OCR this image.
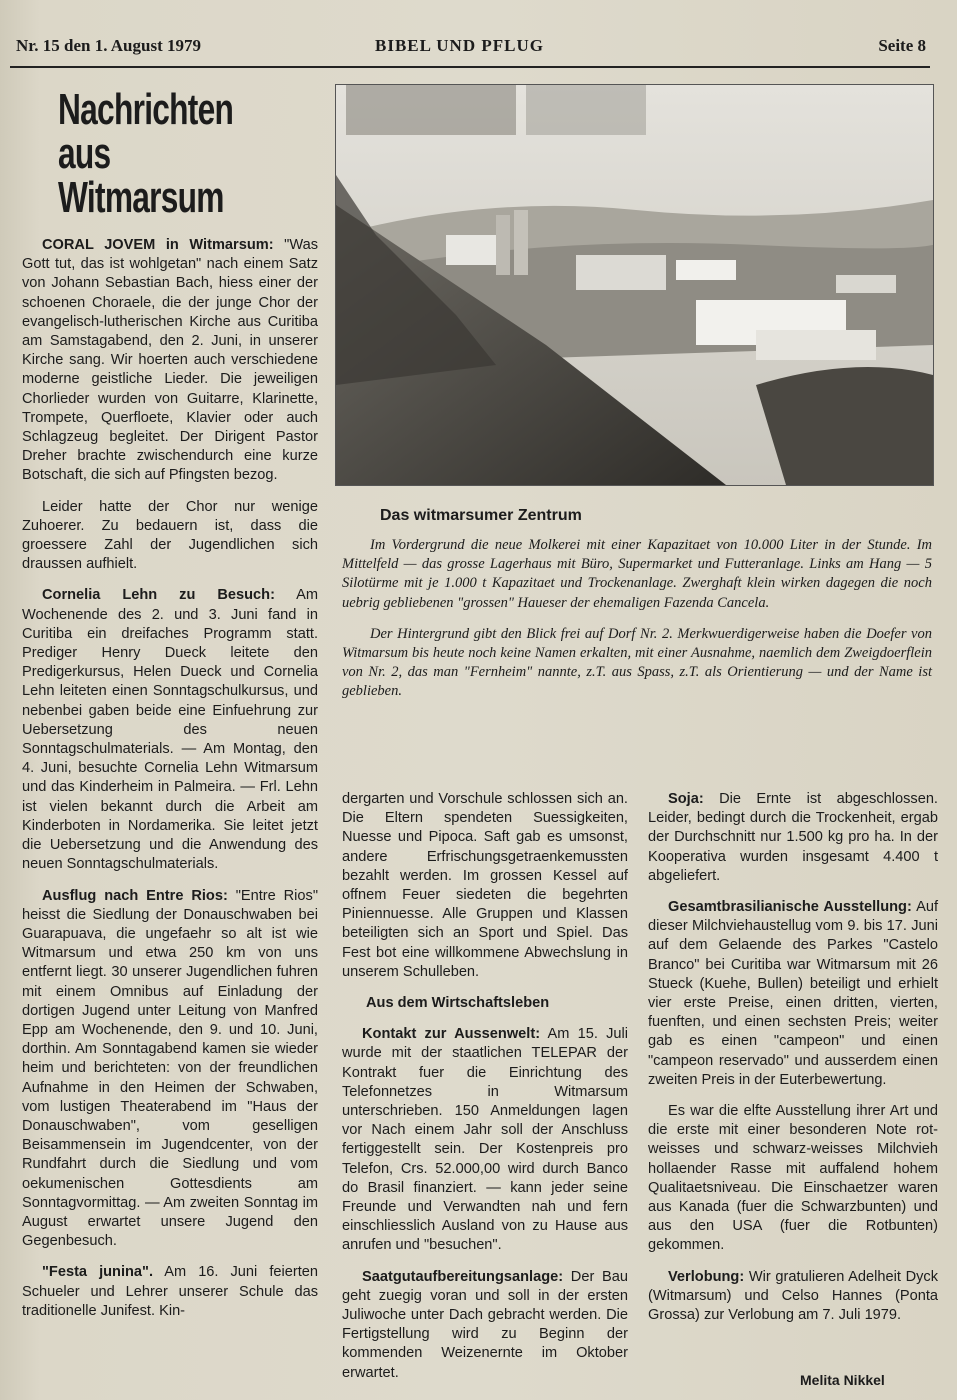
Nr. 15 den 1. August 1979	BIBEL UND PFLUG	Seite 8
Nachrichten
aus
Witmarsum
Das witmarsumer Zentrum

Im Vordergrund die neue Molkerei mit einer Kapazitaet von 10.000 Liter in der Stunde. Im Mittelfeld — das grosse Lagerhaus mit Büro, Supermarket und Futteranlage. Links am Hang — 5 Silotürme mit je 1.000 t Kapazitaet und Trockenanlage. Zwerghaft klein wirken dagegen die noch uebrig gebliebenen "grossen" Haueser der ehemaligen Fazenda Cancela.

Der Hintergrund gibt den Blick frei auf Dorf Nr. 2. Merkwuerdigerweise haben die Doefer von Witmarsum bis heute noch keine Namen erkalten, mit einer Ausnahme, naemlich dem Zweigdoerflein von Nr. 2, das man "Fernheim" nannte, z.T. aus Spass, z.T. als Orientierung — und der Name ist geblieben.

CORAL JOVEM in Witmarsum: "Was Gott tut, das ist wohlgetan" nach einem Satz von Johann Sebastian Bach, hiess einer der schoenen Choraele, die der junge Chor der evangelisch-lutherischen Kirche aus Curitiba am Samstagabend, den 2. Juni, in unserer Kirche sang. Wir hoerten auch verschiedene moderne geistliche Lieder. Die jeweiligen Chorlieder wurden von Guitarre, Klarinette, Trompete, Querfloete, Klavier oder auch Schlagzeug begleitet. Der Dirigent Pastor Dreher brachte zwischendurch eine kurze Botschaft, die sich auf Pfingsten bezog.

Leider hatte der Chor nur wenige Zuhoerer. Zu bedauern ist, dass die groessere Zahl der Jugendlichen sich draussen aufhielt.

Cornelia Lehn zu Besuch: Am Wochenende des 2. und 3. Juni fand in Curitiba ein dreifaches Programm statt. Prediger Henry Dueck leitete den Predigerkursus, Helen Dueck und Cornelia Lehn leiteten einen Sonntagschulkursus, und nebenbei gaben beide eine Einfuehrung zur Uebersetzung des neuen Sonntagschulmaterials. — Am Montag, den 4. Juni, besuchte Cornelia Lehn Witmarsum und das Kinderheim in Palmeira. — Frl. Lehn ist vielen bekannt durch die Arbeit am Kinderboten in Nordamerika. Sie leitet jetzt die Uebersetzung und die Anwendung des neuen Sonntagschulmaterials.

Ausflug nach Entre Rios: "Entre Rios" heisst die Siedlung der Donauschwaben bei Guarapuava, die ungefaehr so alt ist wie Witmarsum und etwa 250 km von uns entfernt liegt. 30 unserer Jugendlichen fuhren mit einem Omnibus auf Einladung der dortigen Jugend unter Leitung von Manfred Epp am Wochenende, den 9. und 10. Juni, dorthin. Am Sonntagabend kamen sie wieder heim und berichteten: von der freundlichen Aufnahme in den Heimen der Schwaben, vom lustigen Theaterabend im "Haus der Donauschwaben", vom geselligen Beisammensein im Jugendcenter, von der Rundfahrt durch die Siedlung und vom oekumenischen Gottesdients am Sonntagvormittag. — Am zweiten Sonntag im August erwartet unsere Jugend den Gegenbesuch.

"Festa junina". Am 16. Juni feierten Schueler und Lehrer unserer Schule das traditionelle Junifest. Kin-

dergarten und Vorschule schlossen sich an. Die Eltern spendeten Suessigkeiten, Nuesse und Pipoca. Saft gab es umsonst, andere Erfrischungsgetraenkemussten bezahlt werden. Im grossen Kessel auf offnem Feuer siedeten die begehrten Piniennuesse. Alle Gruppen und Klassen beteiligten sich an Sport und Spiel. Das Fest bot eine willkommene Abwechslung in unserem Schulleben.

Aus dem Wirtschaftsleben

Kontakt zur Aussenwelt: Am 15. Juli wurde mit der staatlichen TELEPAR der Kontrakt fuer die Einrichtung des Telefonnetzes in Witmarsum unterschrieben. 150 Anmeldungen lagen vor Nach einem Jahr soll der Anschluss fertiggestellt sein. Der Kostenpreis pro Telefon, Crs. 52.000,00 wird durch Banco do Brasil finanziert. — kann jeder seine Freunde und Verwandten nah und fern einschliesslich Ausland von zu Hause aus anrufen und "besuchen".

Saatgutaufbereitungsanlage: Der Bau geht zuegig voran und soll in der ersten Juliwoche unter Dach gebracht werden. Die Fertigstellung wird zu Beginn der kommenden Weizenernte im Oktober erwartet.

Soja: Die Ernte ist abgeschlossen. Leider, bedingt durch die Trockenheit, ergab der Durchschnitt nur 1.500 kg pro ha. In der Kooperativa wurden insgesamt 4.400 t abgeliefert.

Gesamtbrasilianische Ausstellung: Auf dieser Milchviehaustellug vom 9. bis 17. Juni auf dem Gelaende des Parkes "Castelo Branco" bei Curitiba war Witmarsum mit 26 Stueck (Kuehe, Bullen) beteiligt und erhielt vier erste Preise, einen dritten, vierten, fuenften, und einen sechsten Preis; weiter gab es einen "campeon" und einen "campeon reservado" und ausserdem einen zweiten Preis in der Euterbewertung.

Es war die elfte Ausstellung ihrer Art und die erste mit einer besonderen Note rot-weisses und schwarz-weisses Milchvieh hollaender Rasse mit auffalend hohem Qualitaetsniveau. Die Einschaetzer waren aus Kanada (fuer die Schwarzbunten) und aus den USA (fuer die Rotbunten) gekommen.

Verlobung: Wir gratulieren Adelheit Dyck (Witmarsum) und Celso Hannes (Ponta Grossa) zur Verlobung am 7. Juli 1979.

Melita Nikkel
